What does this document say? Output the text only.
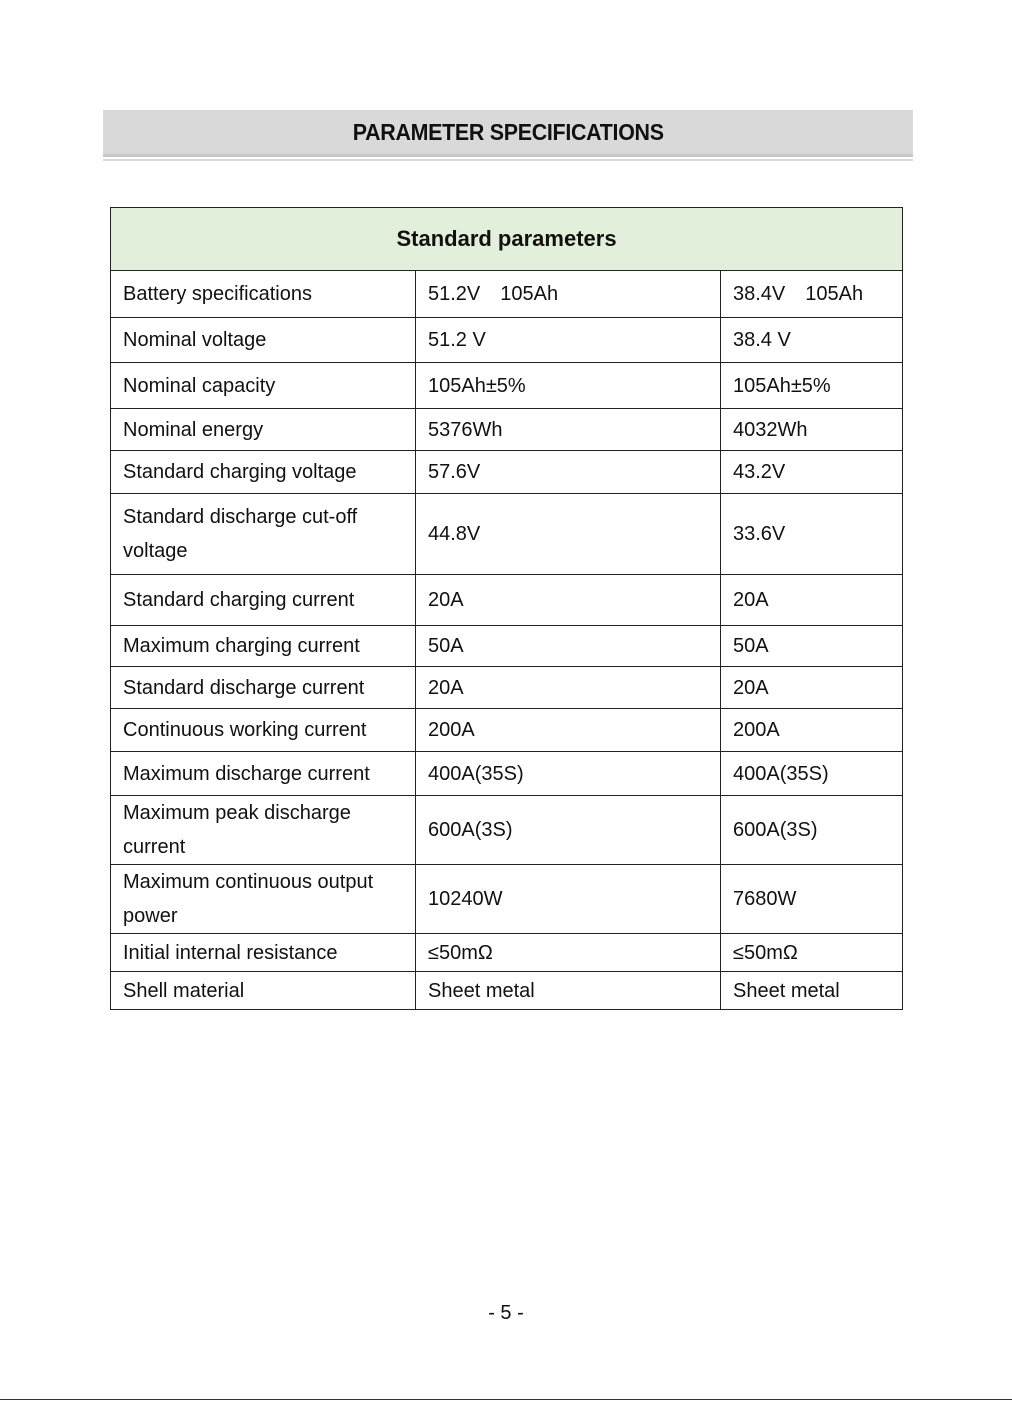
PARAMETER SPECIFICATIONS
Standard parameters		
Battery specifications	51.2V　105Ah	38.4V　105Ah
Nominal voltage	51.2 V	38.4 V
Nominal capacity	105Ah±5%	105Ah±5%
Nominal energy	5376Wh	4032Wh
Standard charging voltage	57.6V	43.2V
Standard discharge cut-off voltage	44.8V	33.6V
Standard charging current	20A	20A
Maximum charging current	50A	50A
Standard discharge current	20A	20A
Continuous working current	200A	200A
Maximum discharge current	400A(35S)	400A(35S)
Maximum peak discharge current	600A(3S)	600A(3S)
Maximum continuous output power	10240W	7680W
Initial internal resistance	≤50mΩ	≤50mΩ
Shell material	Sheet metal	Sheet metal
- 5 -
